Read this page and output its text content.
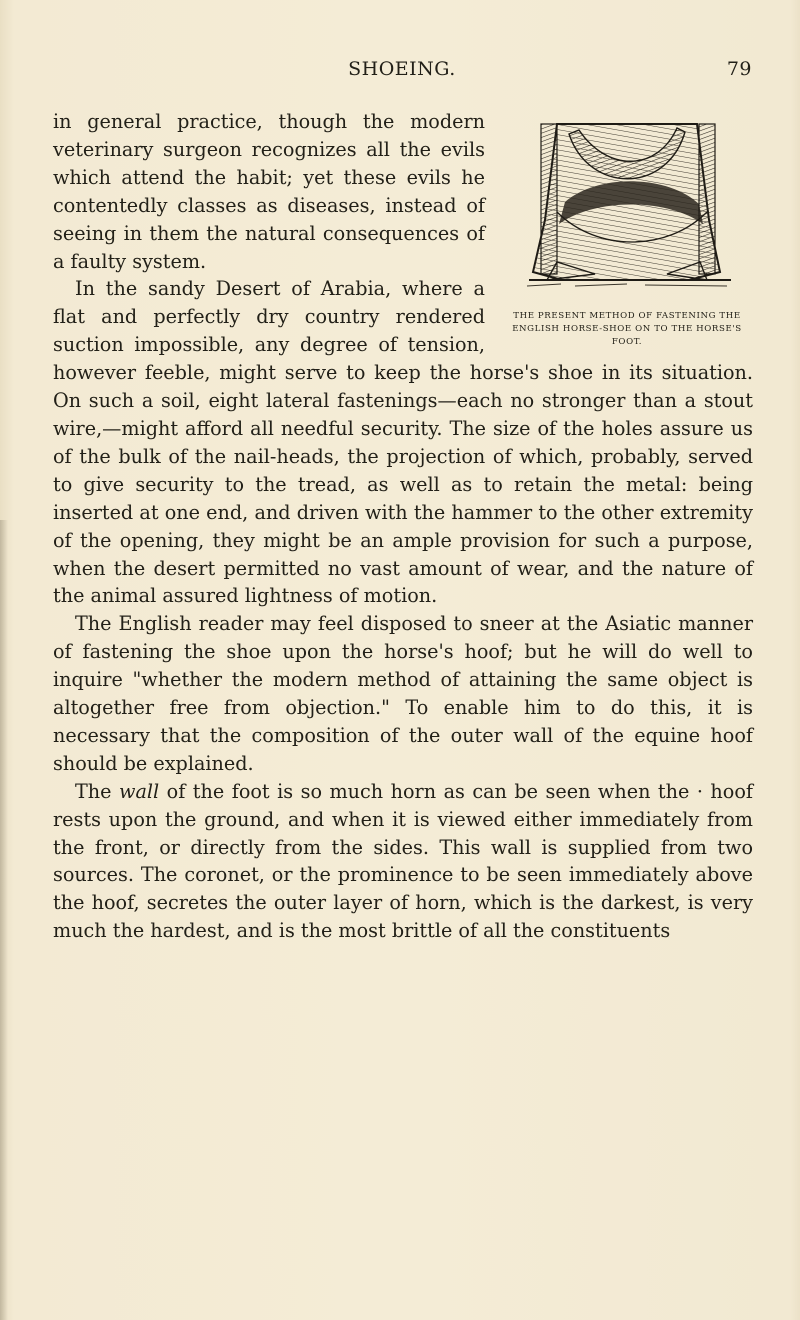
SHOEING.	79
THE PRESENT METHOD OF FASTENING THE ENGLISH HORSE-SHOE ON TO THE HORSE'S FOOT.

in general practice, though the modern veterinary surgeon recognizes all the evils which attend the habit; yet these evils he contentedly classes as diseases, instead of seeing in them the natural consequences of a faulty system.

In the sandy Desert of Arabia, where a flat and perfectly dry country rendered suction impossible, any degree of tension, however feeble, might serve to keep the horse's shoe in its situation. On such a soil, eight lateral fastenings—each no stronger than a stout wire,—might afford all needful security. The size of the holes assure us of the bulk of the nail-heads, the projection of which, probably, served to give security to the tread, as well as to retain the metal: being inserted at one end, and driven with the hammer to the other extremity of the opening, they might be an ample provision for such a purpose, when the desert permitted no vast amount of wear, and the nature of the animal assured lightness of motion.

The English reader may feel disposed to sneer at the Asiatic manner of fastening the shoe upon the horse's hoof; but he will do well to inquire "whether the modern method of attaining the same object is altogether free from objection." To enable him to do this, it is necessary that the composition of the outer wall of the equine hoof should be explained.

The wall of the foot is so much horn as can be seen when the · hoof rests upon the ground, and when it is viewed either immediately from the front, or directly from the sides. This wall is supplied from two sources. The coronet, or the prominence to be seen immediately above the hoof, secretes the outer layer of horn, which is the darkest, is very much the hardest, and is the most brittle of all the constituents
